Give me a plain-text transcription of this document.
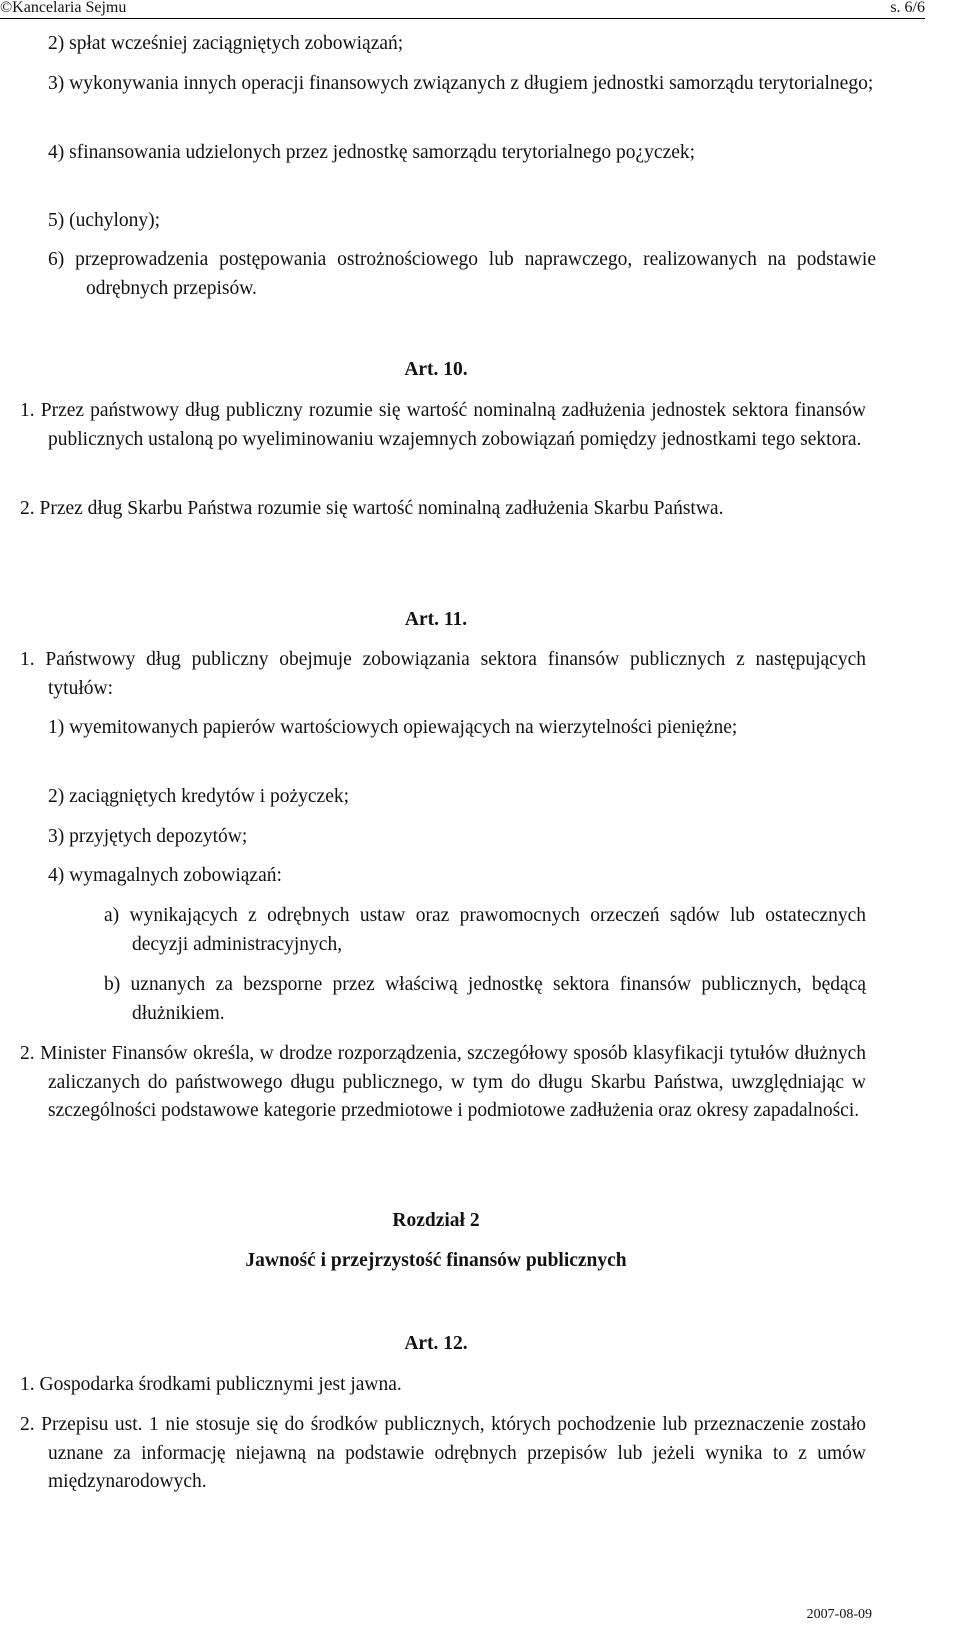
©Kancelaria Sejmu	s. 6/6

2) spłat wcześniej zaciągniętych zobowiązań;

3) wykonywania innych operacji finansowych związanych z długiem jednostki samorządu terytorialnego;

4) sfinansowania udzielonych przez jednostkę samorządu terytorialnego po¿yczek;

5) (uchylony);

6) przeprowadzenia postępowania ostrożnościowego lub naprawczego, realizowanych na podstawie odrębnych przepisów.

Art. 10.

1. Przez państwowy dług publiczny rozumie się wartość nominalną zadłużenia jednostek sektora finansów publicznych ustaloną po wyeliminowaniu wzajemnych zobowiązań pomiędzy jednostkami tego sektora.

2. Przez dług Skarbu Państwa rozumie się wartość nominalną zadłużenia Skarbu Państwa.

Art. 11.

1. Państwowy dług publiczny obejmuje zobowiązania sektora finansów publicznych z następujących tytułów:

1) wyemitowanych papierów wartościowych opiewających na wierzytelności pieniężne;

2) zaciągniętych kredytów i pożyczek;

3) przyjętych depozytów;

4) wymagalnych zobowiązań:

a) wynikających z odrębnych ustaw oraz prawomocnych orzeczeń sądów lub ostatecznych decyzji administracyjnych,

b) uznanych za bezsporne przez właściwą jednostkę sektora finansów publicznych, będącą dłużnikiem.

2. Minister Finansów określa, w drodze rozporządzenia, szczegółowy sposób klasyfikacji tytułów dłużnych zaliczanych do państwowego długu publicznego, w tym do długu Skarbu Państwa, uwzględniając w szczególności podstawowe kategorie przedmiotowe i podmiotowe zadłużenia oraz okresy zapadalności.

Rozdział 2
Jawność i przejrzystość finansów publicznych
Art. 12.

1. Gospodarka środkami publicznymi jest jawna.

2. Przepisu ust. 1 nie stosuje się do środków publicznych, których pochodzenie lub przeznaczenie zostało uznane za informację niejawną na podstawie odrębnych przepisów lub jeżeli wynika to z umów międzynarodowych.

2007-08-09
